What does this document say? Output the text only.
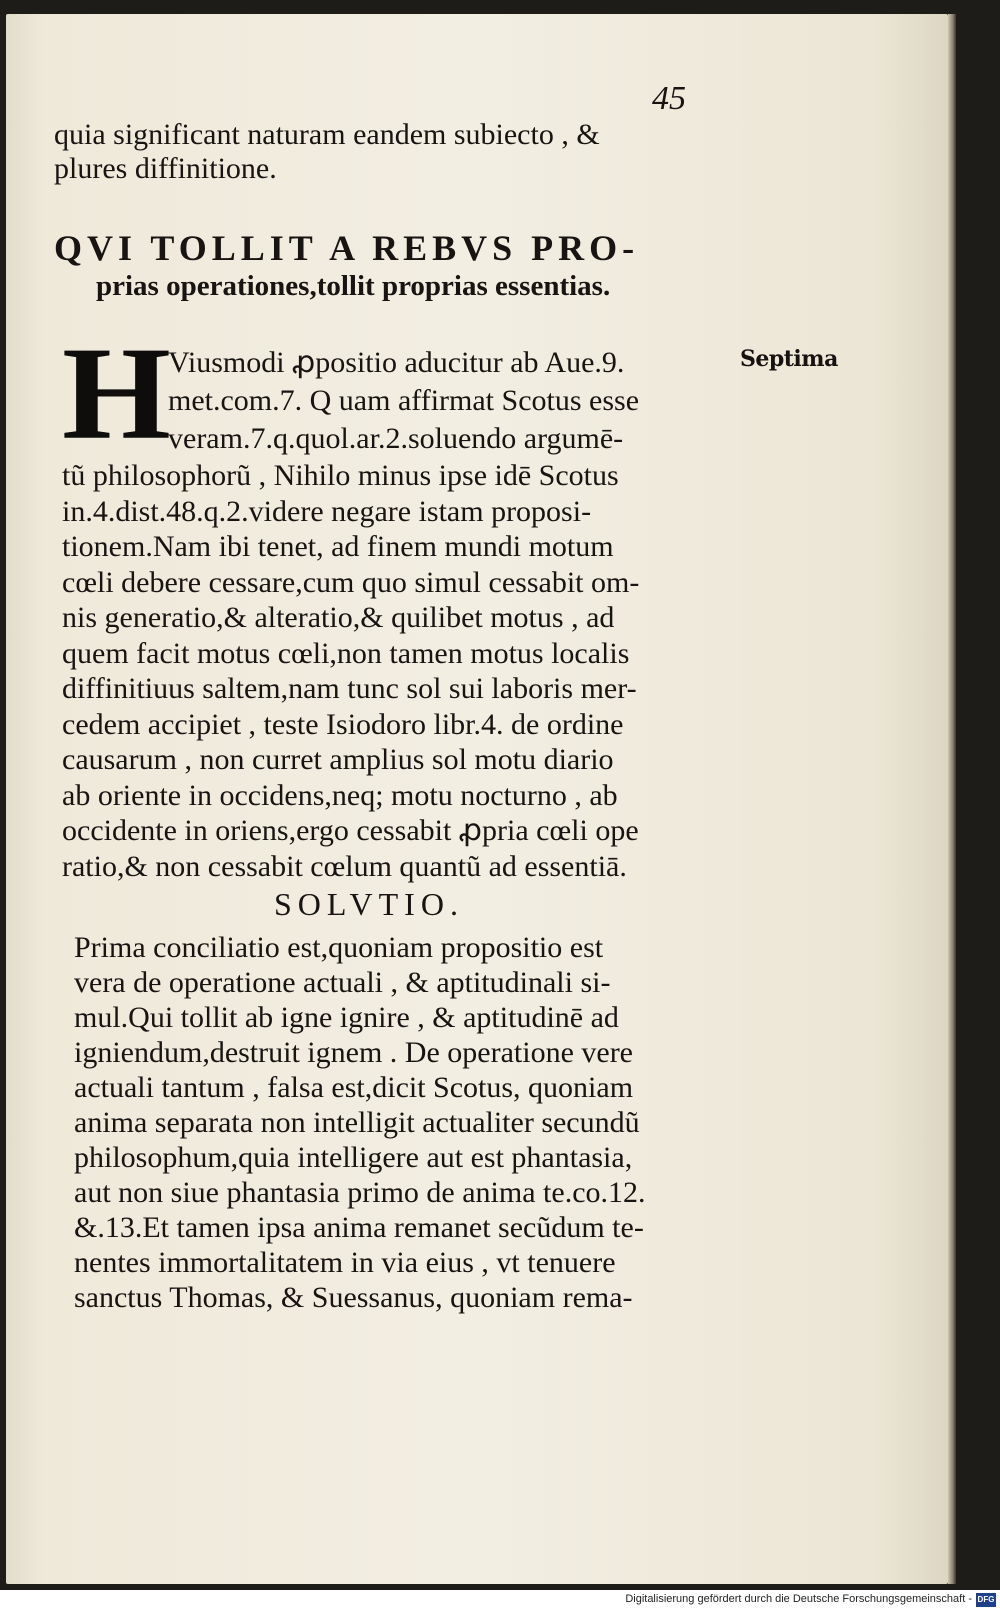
45
quia significant naturam eandem subiecto , &
plures diffinitione.
QVI TOLLIT A REBVS PRO-
prias operationes,tollit proprias essentias.
H	Septima
Viusmodi ꝓpositio aducitur ab Aue.9.
met.com.7. Q uam affirmat Scotus esse
veram.7.q.quol.ar.2.soluendo argumē-
tũ philosophorũ , Nihilo minus ipse idē Scotus
in.4.dist.48.q.2.videre negare istam proposi-
tionem.Nam ibi tenet, ad finem mundi motum
cœli debere cessare,cum quo simul cessabit om-
nis generatio,& alteratio,& quilibet motus , ad
quem facit motus cœli,non tamen motus localis
diffinitiuus saltem,nam tunc sol sui laboris mer-
cedem accipiet , teste Isiodoro libr.4. de ordine
causarum , non curret amplius sol motu diario
ab oriente in occidens,neq; motu nocturno , ab
occidente in oriens,ergo cessabit ꝓpria cœli ope
ratio,& non cessabit cœlum quantũ ad essentiā.
SOLVTIO.
Prima conciliatio est,quoniam propositio est
vera de operatione actuali , & aptitudinali si-
mul.Qui tollit ab igne ignire , & aptitudinē ad
igniendum,destruit ignem . De operatione vere
actuali tantum , falsa est,dicit Scotus, quoniam
anima separata non intelligit actualiter secundũ
philosophum,quia intelligere aut est phantasia,
aut non siue phantasia primo de anima te.co.12.
&.13.Et tamen ipsa anima remanet secũdum te-
nentes immortalitatem in via eius , vt tenuere
sanctus Thomas, & Suessanus, quoniam rema-
Digitalisierung gefördert durch die Deutsche Forschungsgemeinschaft - DFG
